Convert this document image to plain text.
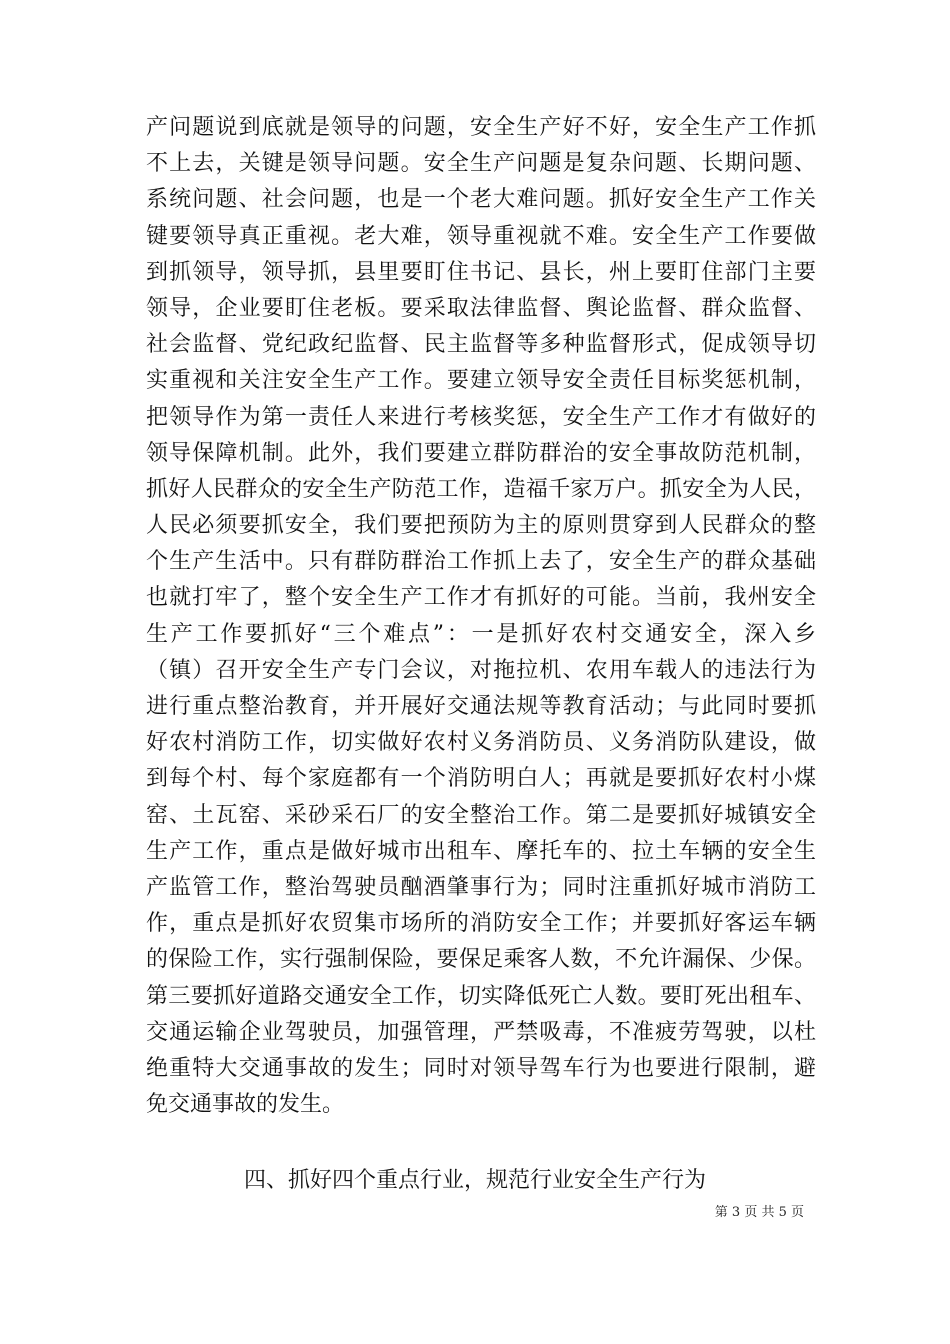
产问题说到底就是领导的问题，安全生产好不好，安全生产工作抓
不上去，关键是领导问题。安全生产问题是复杂问题、长期问题、
系统问题、社会问题，也是一个老大难问题。抓好安全生产工作关
键要领导真正重视。老大难，领导重视就不难。安全生产工作要做
到抓领导，领导抓，县里要盯住书记、县长，州上要盯住部门主要
领导，企业要盯住老板。要采取法律监督、舆论监督、群众监督、
社会监督、党纪政纪监督、民主监督等多种监督形式，促成领导切
实重视和关注安全生产工作。要建立领导安全责任目标奖惩机制，
把领导作为第一责任人来进行考核奖惩，安全生产工作才有做好的
领导保障机制。此外，我们要建立群防群治的安全事故防范机制，
抓好人民群众的安全生产防范工作，造福千家万户。抓安全为人民，
人民必须要抓安全，我们要把预防为主的原则贯穿到人民群众的整
个生产生活中。只有群防群治工作抓上去了，安全生产的群众基础
也就打牢了，整个安全生产工作才有抓好的可能。当前，我州安全
生产工作要抓好“三个难点”：一是抓好农村交通安全，深入乡
（镇）召开安全生产专门会议，对拖拉机、农用车载人的违法行为
进行重点整治教育，并开展好交通法规等教育活动；与此同时要抓
好农村消防工作，切实做好农村义务消防员、义务消防队建设，做
到每个村、每个家庭都有一个消防明白人；再就是要抓好农村小煤
窑、土瓦窑、采砂采石厂的安全整治工作。第二是要抓好城镇安全
生产工作，重点是做好城市出租车、摩托车的、拉土车辆的安全生
产监管工作，整治驾驶员酗酒肇事行为；同时注重抓好城市消防工
作，重点是抓好农贸集市场所的消防安全工作；并要抓好客运车辆
的保险工作，实行强制保险，要保足乘客人数，不允许漏保、少保。
第三要抓好道路交通安全工作，切实降低死亡人数。要盯死出租车、
交通运输企业驾驶员，加强管理，严禁吸毒，不准疲劳驾驶，以杜
绝重特大交通事故的发生；同时对领导驾车行为也要进行限制，避
免交通事故的发生。
四、抓好四个重点行业，规范行业安全生产行为
第 3 页 共 5 页
